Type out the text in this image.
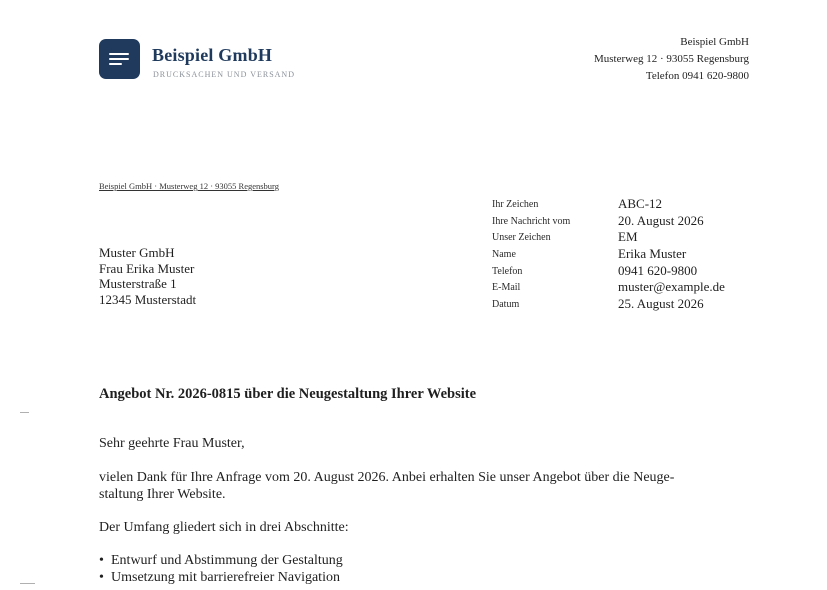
Beispiel GmbH
DRUCKSACHEN UND VERSAND
Beispiel GmbH
Musterweg 12 · 93055 Regensburg
Telefon 0941 620-9800
Beispiel GmbH · Musterweg 12 · 93055 Regensburg
Muster GmbH
Frau Erika Muster
Musterstraße 1
12345 Musterstadt
Ihr Zeichen	ABC-12
Ihre Nachricht vom	20. August 2026
Unser Zeichen	EM
Name	Erika Muster
Telefon	0941 620-9800
E-Mail	muster@example.de
Datum	25. August 2026
Angebot Nr. 2026-0815 über die Neugestaltung Ihrer Website
Sehr geehrte Frau Muster,
vielen Dank für Ihre Anfrage vom 20. August 2026. Anbei erhalten Sie unser Angebot über die Neuge-
staltung Ihrer Website.
Der Umfang gliedert sich in drei Abschnitte:
• Entwurf und Abstimmung der Gestaltung
• Umsetzung mit barrierefreier Navigation
